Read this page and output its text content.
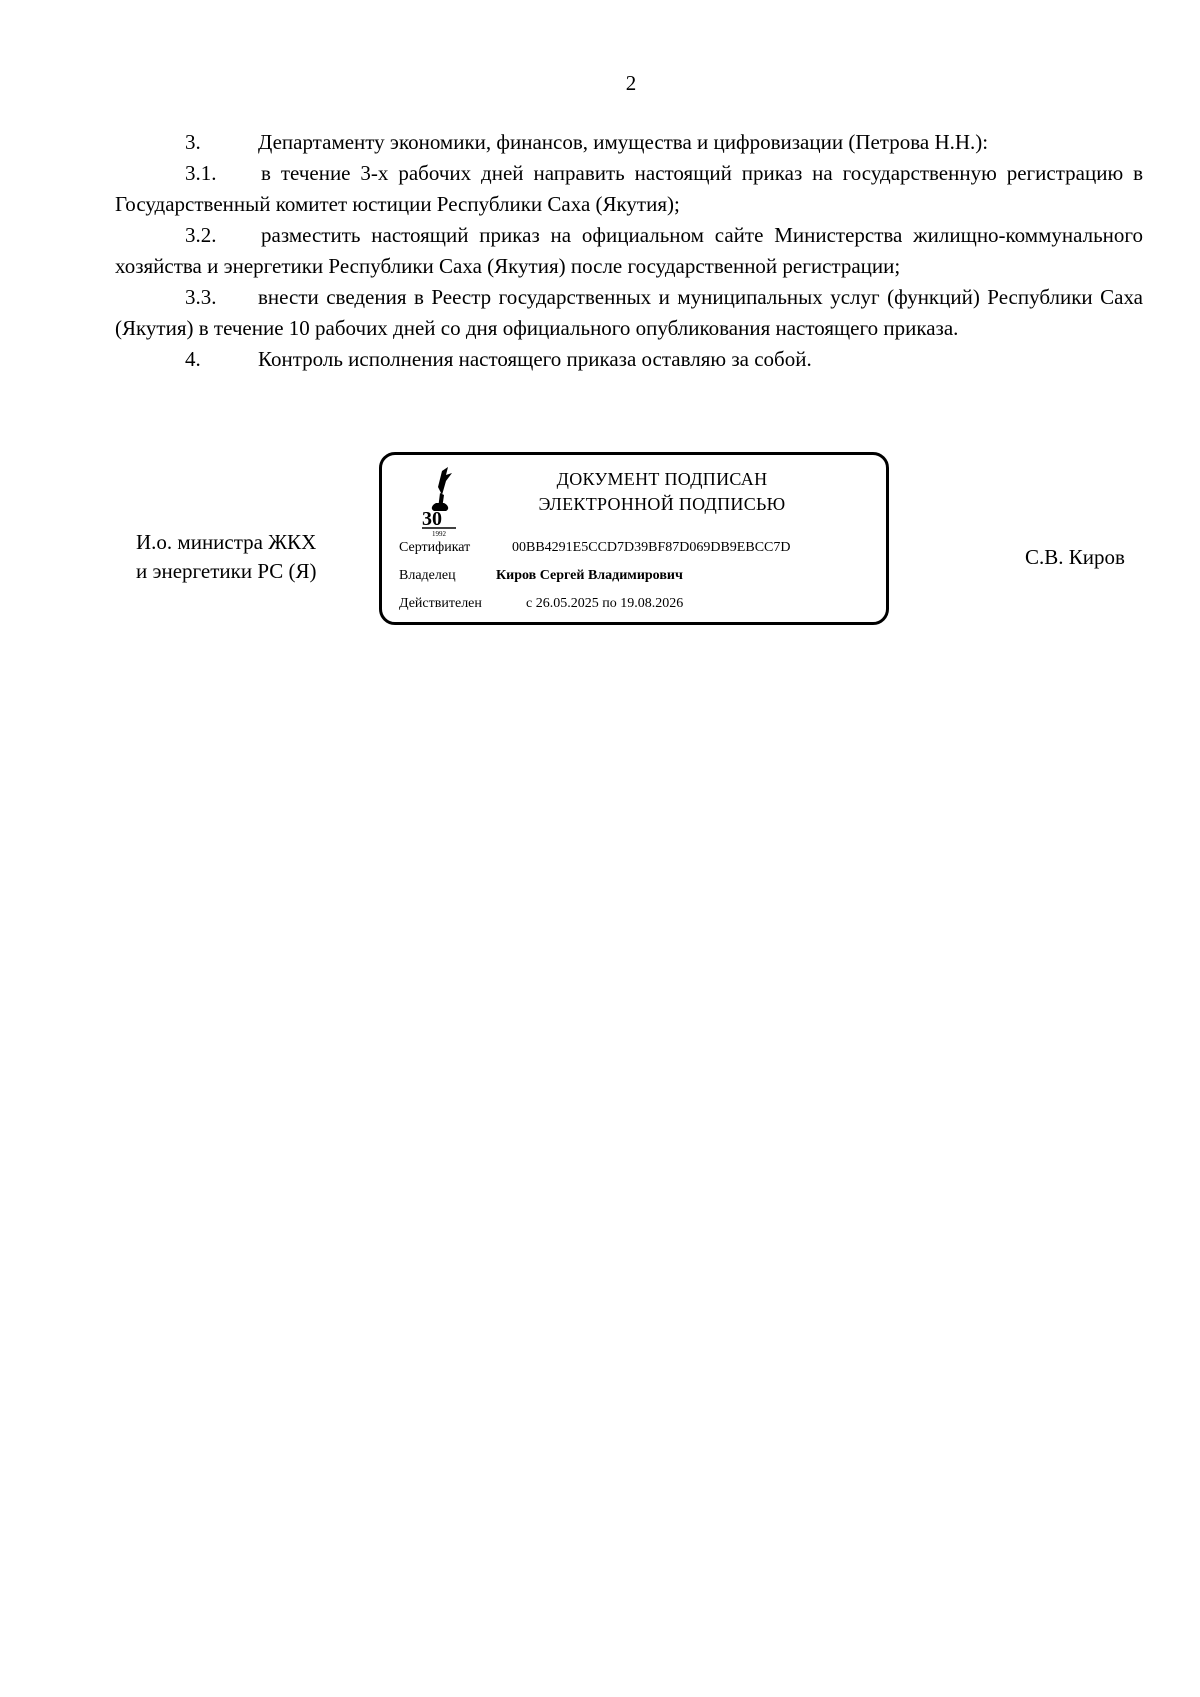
2

3.	Департаменту экономики, финансов, имущества и цифровизации (Петрова Н.Н.):

3.1. в течение 3-х рабочих дней направить настоящий приказ на государственную регистрацию в Государственный комитет юстиции Республики Саха (Якутия);

3.2. разместить настоящий приказ на официальном сайте Министерства жилищно-коммунального хозяйства и энергетики Республики Саха (Якутия) после государственной регистрации;

3.3. внести сведения в Реестр государственных и муниципальных услуг (функций) Республики Саха (Якутия) в течение 10 рабочих дней со дня официального опубликования настоящего приказа.

4.	Контроль исполнения настоящего приказа оставляю за собой.

И.о. министра ЖКХ
и энергетики РС (Я)
30
1992
ДОКУМЕНТ ПОДПИСАН
ЭЛЕКТРОННОЙ ПОДПИСЬЮ
Сертификат	00BB4291E5CCD7D39BF87D069DB9EBCC7D
Владелец	Киров Сергей Владимирович
Действителен	с 26.05.2025 по 19.08.2026
С.В. Киров
